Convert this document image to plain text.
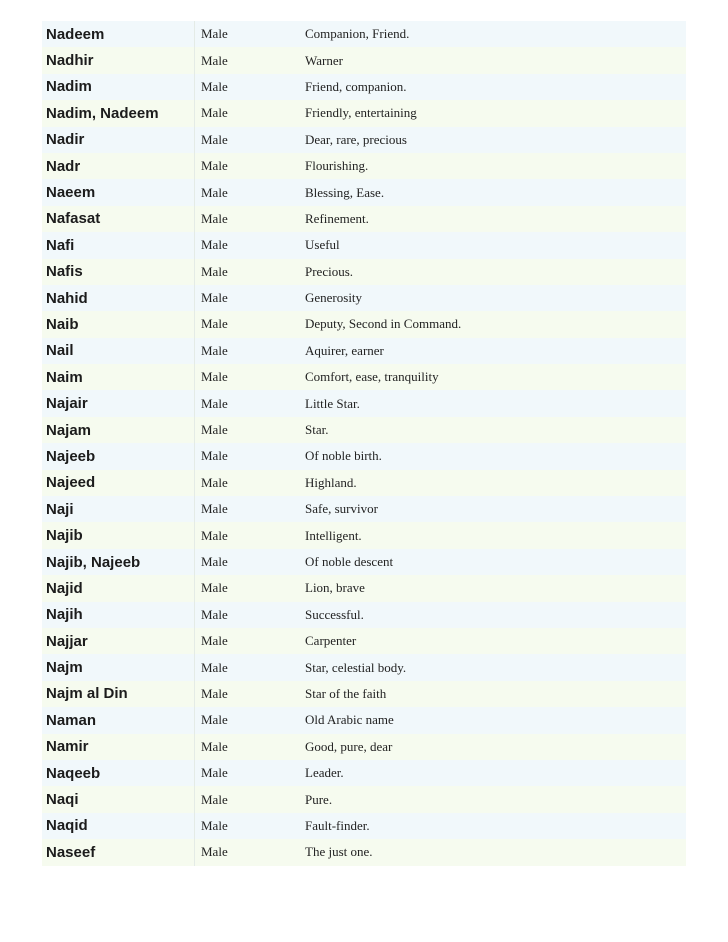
Nadeem	Male	Companion, Friend.
Nadhir	Male	Warner
Nadim	Male	Friend, companion.
Nadim, Nadeem	Male	Friendly, entertaining
Nadir	Male	Dear, rare, precious
Nadr	Male	Flourishing.
Naeem	Male	Blessing, Ease.
Nafasat	Male	Refinement.
Nafi	Male	Useful
Nafis	Male	Precious.
Nahid	Male	Generosity
Naib	Male	Deputy, Second in Command.
Nail	Male	Aquirer, earner
Naim	Male	Comfort, ease, tranquility
Najair	Male	Little Star.
Najam	Male	Star.
Najeeb	Male	Of noble birth.
Najeed	Male	Highland.
Naji	Male	Safe, survivor
Najib	Male	Intelligent.
Najib, Najeeb	Male	Of noble descent
Najid	Male	Lion, brave
Najih	Male	Successful.
Najjar	Male	Carpenter
Najm	Male	Star, celestial body.
Najm al Din	Male	Star of the faith
Naman	Male	Old Arabic name
Namir	Male	Good, pure, dear
Naqeeb	Male	Leader.
Naqi	Male	Pure.
Naqid	Male	Fault-finder.
Naseef	Male	The just one.
